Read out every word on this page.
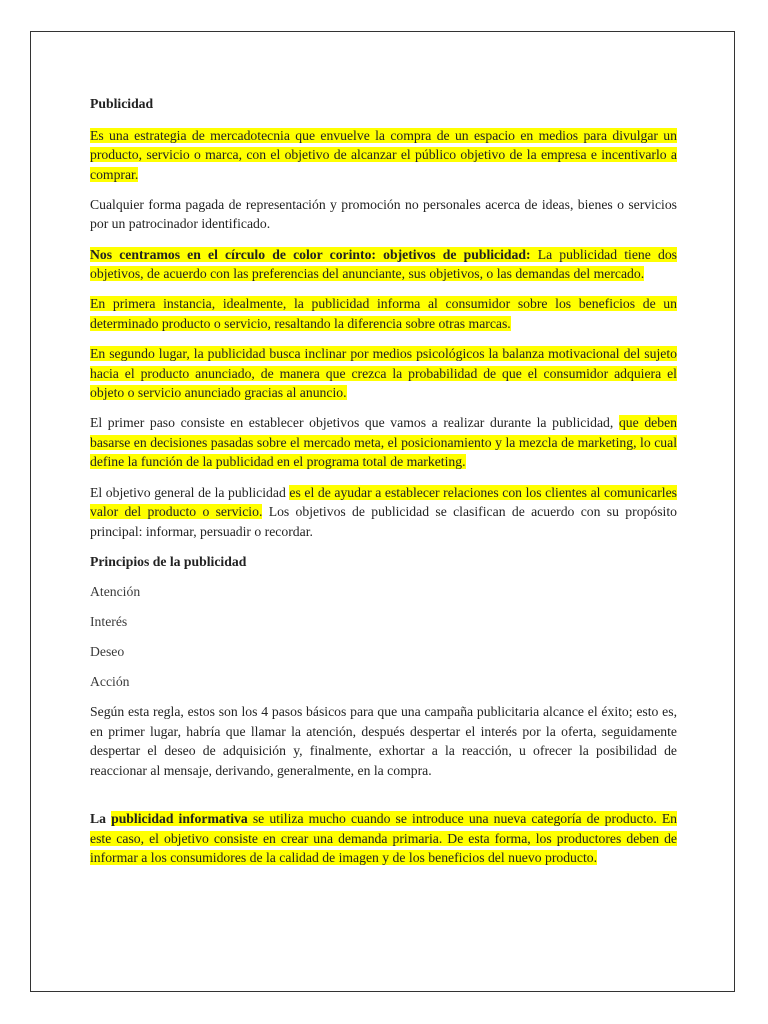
Publicidad

Es una estrategia de mercadotecnia que envuelve la compra de un espacio en medios para divulgar un producto, servicio o marca, con el objetivo de alcanzar el público objetivo de la empresa e incentivarlo a comprar.

Cualquier forma pagada de representación y promoción no personales acerca de ideas, bienes o servicios por un patrocinador identificado.

Nos centramos en el círculo de color corinto: objetivos de publicidad: La publicidad tiene dos objetivos, de acuerdo con las preferencias del anunciante, sus objetivos, o las demandas del mercado.

En primera instancia, idealmente, la publicidad informa al consumidor sobre los beneficios de un determinado producto o servicio, resaltando la diferencia sobre otras marcas.

En segundo lugar, la publicidad busca inclinar por medios psicológicos la balanza motivacional del sujeto hacia el producto anunciado, de manera que crezca la probabilidad de que el consumidor adquiera el objeto o servicio anunciado gracias al anuncio.

El primer paso consiste en establecer objetivos que vamos a realizar durante la publicidad, que deben basarse en decisiones pasadas sobre el mercado meta, el posicionamiento y la mezcla de marketing, lo cual define la función de la publicidad en el programa total de marketing.

El objetivo general de la publicidad es el de ayudar a establecer relaciones con los clientes al comunicarles valor del producto o servicio. Los objetivos de publicidad se clasifican de acuerdo con su propósito principal: informar, persuadir o recordar.

Principios de la publicidad

Atención

Interés

Deseo

Acción

Según esta regla, estos son los 4 pasos básicos para que una campaña publicitaria alcance el éxito; esto es, en primer lugar, habría que llamar la atención, después despertar el interés por la oferta, seguidamente despertar el deseo de adquisición y, finalmente, exhortar a la reacción, u ofrecer la posibilidad de reaccionar al mensaje, derivando, generalmente, en la compra.

La publicidad informativa se utiliza mucho cuando se introduce una nueva categoría de producto. En este caso, el objetivo consiste en crear una demanda primaria. De esta forma, los productores deben de informar a los consumidores de la calidad de imagen y de los beneficios del nuevo producto.
